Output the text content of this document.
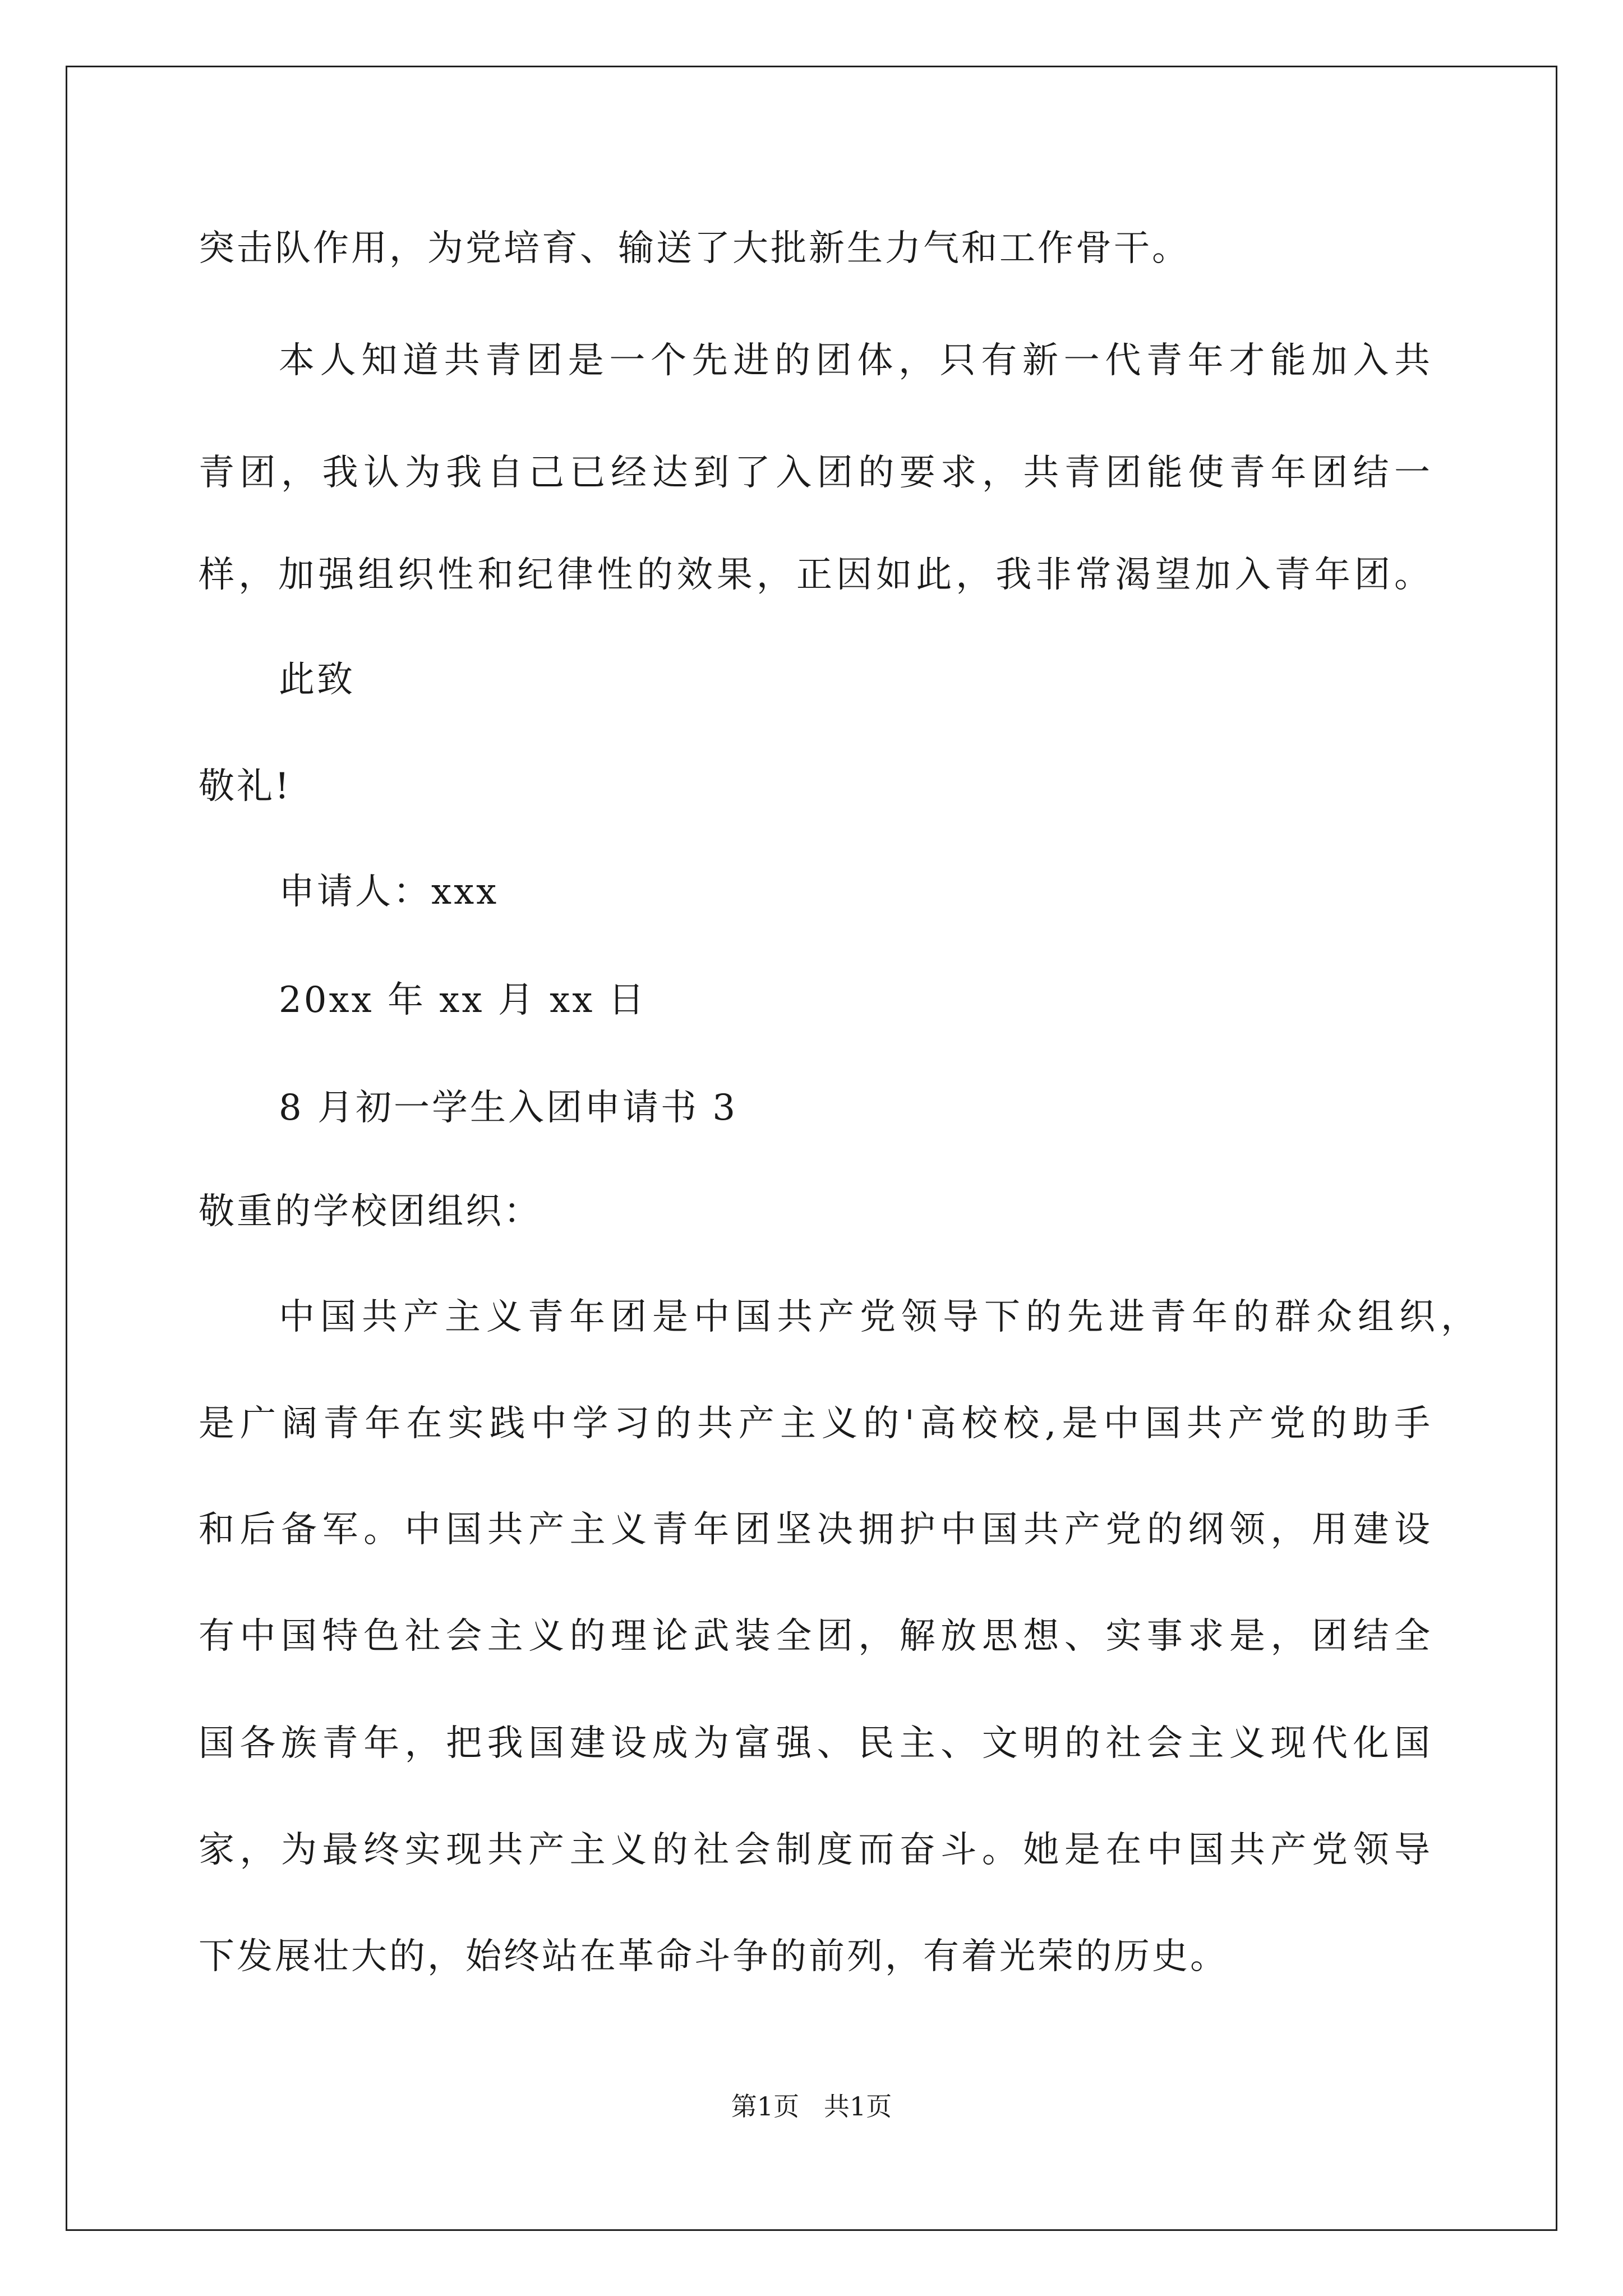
突击队作用，为党培育、输送了大批新生力气和工作骨干。
本人知道共青团是一个先进的团体，只有新一代青年才能加入共
青团，我认为我自己已经达到了入团的要求，共青团能使青年团结一
样，加强组织性和纪律性的效果，正因如此，我非常渴望加入青年团。
此致
敬礼!
申请人：xxx
20xx 年 xx 月 xx 日
8 月初一学生入团申请书 3
敬重的学校团组织：
中国共产主义青年团是中国共产党领导下的先进青年的群众组织，
是广阔青年在实践中学习的共产主义的'高校校,是中国共产党的助手
和后备军。中国共产主义青年团坚决拥护中国共产党的纲领，用建设
有中国特色社会主义的理论武装全团，解放思想、实事求是，团结全
国各族青年，把我国建设成为富强、民主、文明的社会主义现代化国
家，为最终实现共产主义的社会制度而奋斗。她是在中国共产党领导
下发展壮大的，始终站在革命斗争的前列，有着光荣的历史。
第1页   共1页
